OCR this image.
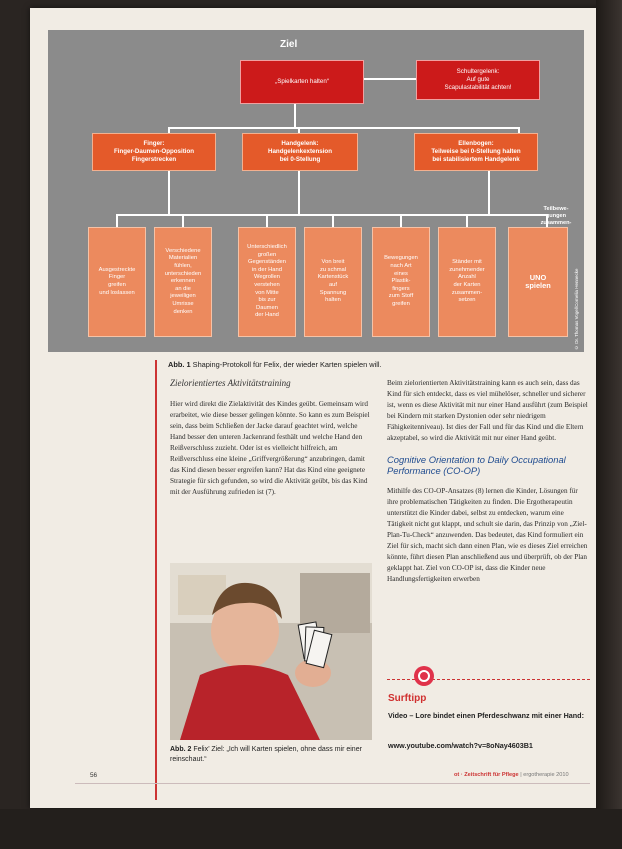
Ziel
„Spielkarten halten“
Schultergelenk:
Auf gute
Scapulastabilität achten!
Finger:
Finger-Daumen-Opposition
Fingerstrecken
Handgelenk:
Handgelenkextension
bei 0-Stellung
Ellenbogen:
Teilweise bei 0-Stellung halten
bei stabilisiertem Handgelenk
Teilbewe-
gungen
zusammen-

Ausgestreckte
Finger
greifen
und loslassen
Verschiedene
Materialien
fühlen,
unterschieden
erkennen
an die
jeweiligen
Umrisse
denken
Unterschiedlich
großen
Gegenständen
in der Hand
Wegrollen
verstehen
von Mitte
bis zur
Daumen
der Hand
Von breit
zu schmal
Kartenstück
auf
Spannung
halten
Bewegungen
nach Art
eines
Plastik-
fingers
zum Stoff
greifen
Ständer mit
zunehmender
Anzahl
der Karten
zusammen-
setzen
UNO
spielen	© Dr. Thomas Vogel/Cornelia Hennecke
Abb. 1 Shaping-Protokoll für Felix, der wieder Karten spielen will.
Zielorientiertes Aktivitätstraining

Hier wird direkt die Zielaktivität des Kindes geübt. Gemeinsam wird erarbeitet, wie diese besser gelingen könnte. So kann es zum Beispiel sein, dass beim Schließen der Jacke darauf geachtet wird, welche Hand besser den unteren Jackenrand festhält und welche Hand den Reißverschluss zuzieht. Oder ist es vielleicht hilfreich, am Reißverschluss eine kleine „Griffvergrößerung“ anzubringen, damit das Kind diesen besser ergreifen kann? Hat das Kind eine geeignete Strategie für sich gefunden, so wird die Aktivität geübt, bis das Kind mit der Ausführung zufrieden ist (7).

Abb. 2 Felix’ Ziel: „Ich will Karten spielen, ohne dass mir einer reinschaut.“

Beim zielorientierten Aktivitätstraining kann es auch sein, dass das Kind für sich entdeckt, dass es viel mühelöser, schneller und sicherer ist, wenn es diese Aktivität mit nur einer Hand ausführt (zum Beispiel bei Kindern mit starken Dystonien oder sehr niedrigem Fähigkeitenniveau). Ist dies der Fall und für das Kind und die Eltern akzeptabel, so wird die Aktivität mit nur einer Hand geübt.

Cognitive Orientation to Daily Occupational Performance (CO-OP)

Mithilfe des CO-OP-Ansatzes (8) lernen die Kinder, Lösungen für ihre problematischen Tätigkeiten zu finden. Die Ergotherapeutin unterstützt die Kinder dabei, selbst zu entdecken, warum eine Tätigkeit nicht gut klappt, und schult sie darin, das Prinzip von „Ziel-Plan-Tu-Check“ anzuwenden. Das bedeutet, das Kind formuliert ein Ziel für sich, macht sich dann einen Plan, wie es dieses Ziel erreichen könnte, führt diesen Plan anschließend aus und überprüft, ob der Plan geklappt hat. Ziel von CO-OP ist, dass die Kinder neue Handlungsfertigkeiten erwerben

Surftipp
Video – Lore bindet einen Pferdeschwanz mit einer Hand:
www.youtube.com/watch?v=8oNay4603B1
56	ot · Zeitschrift für Pflege | ergotherapie 2010
